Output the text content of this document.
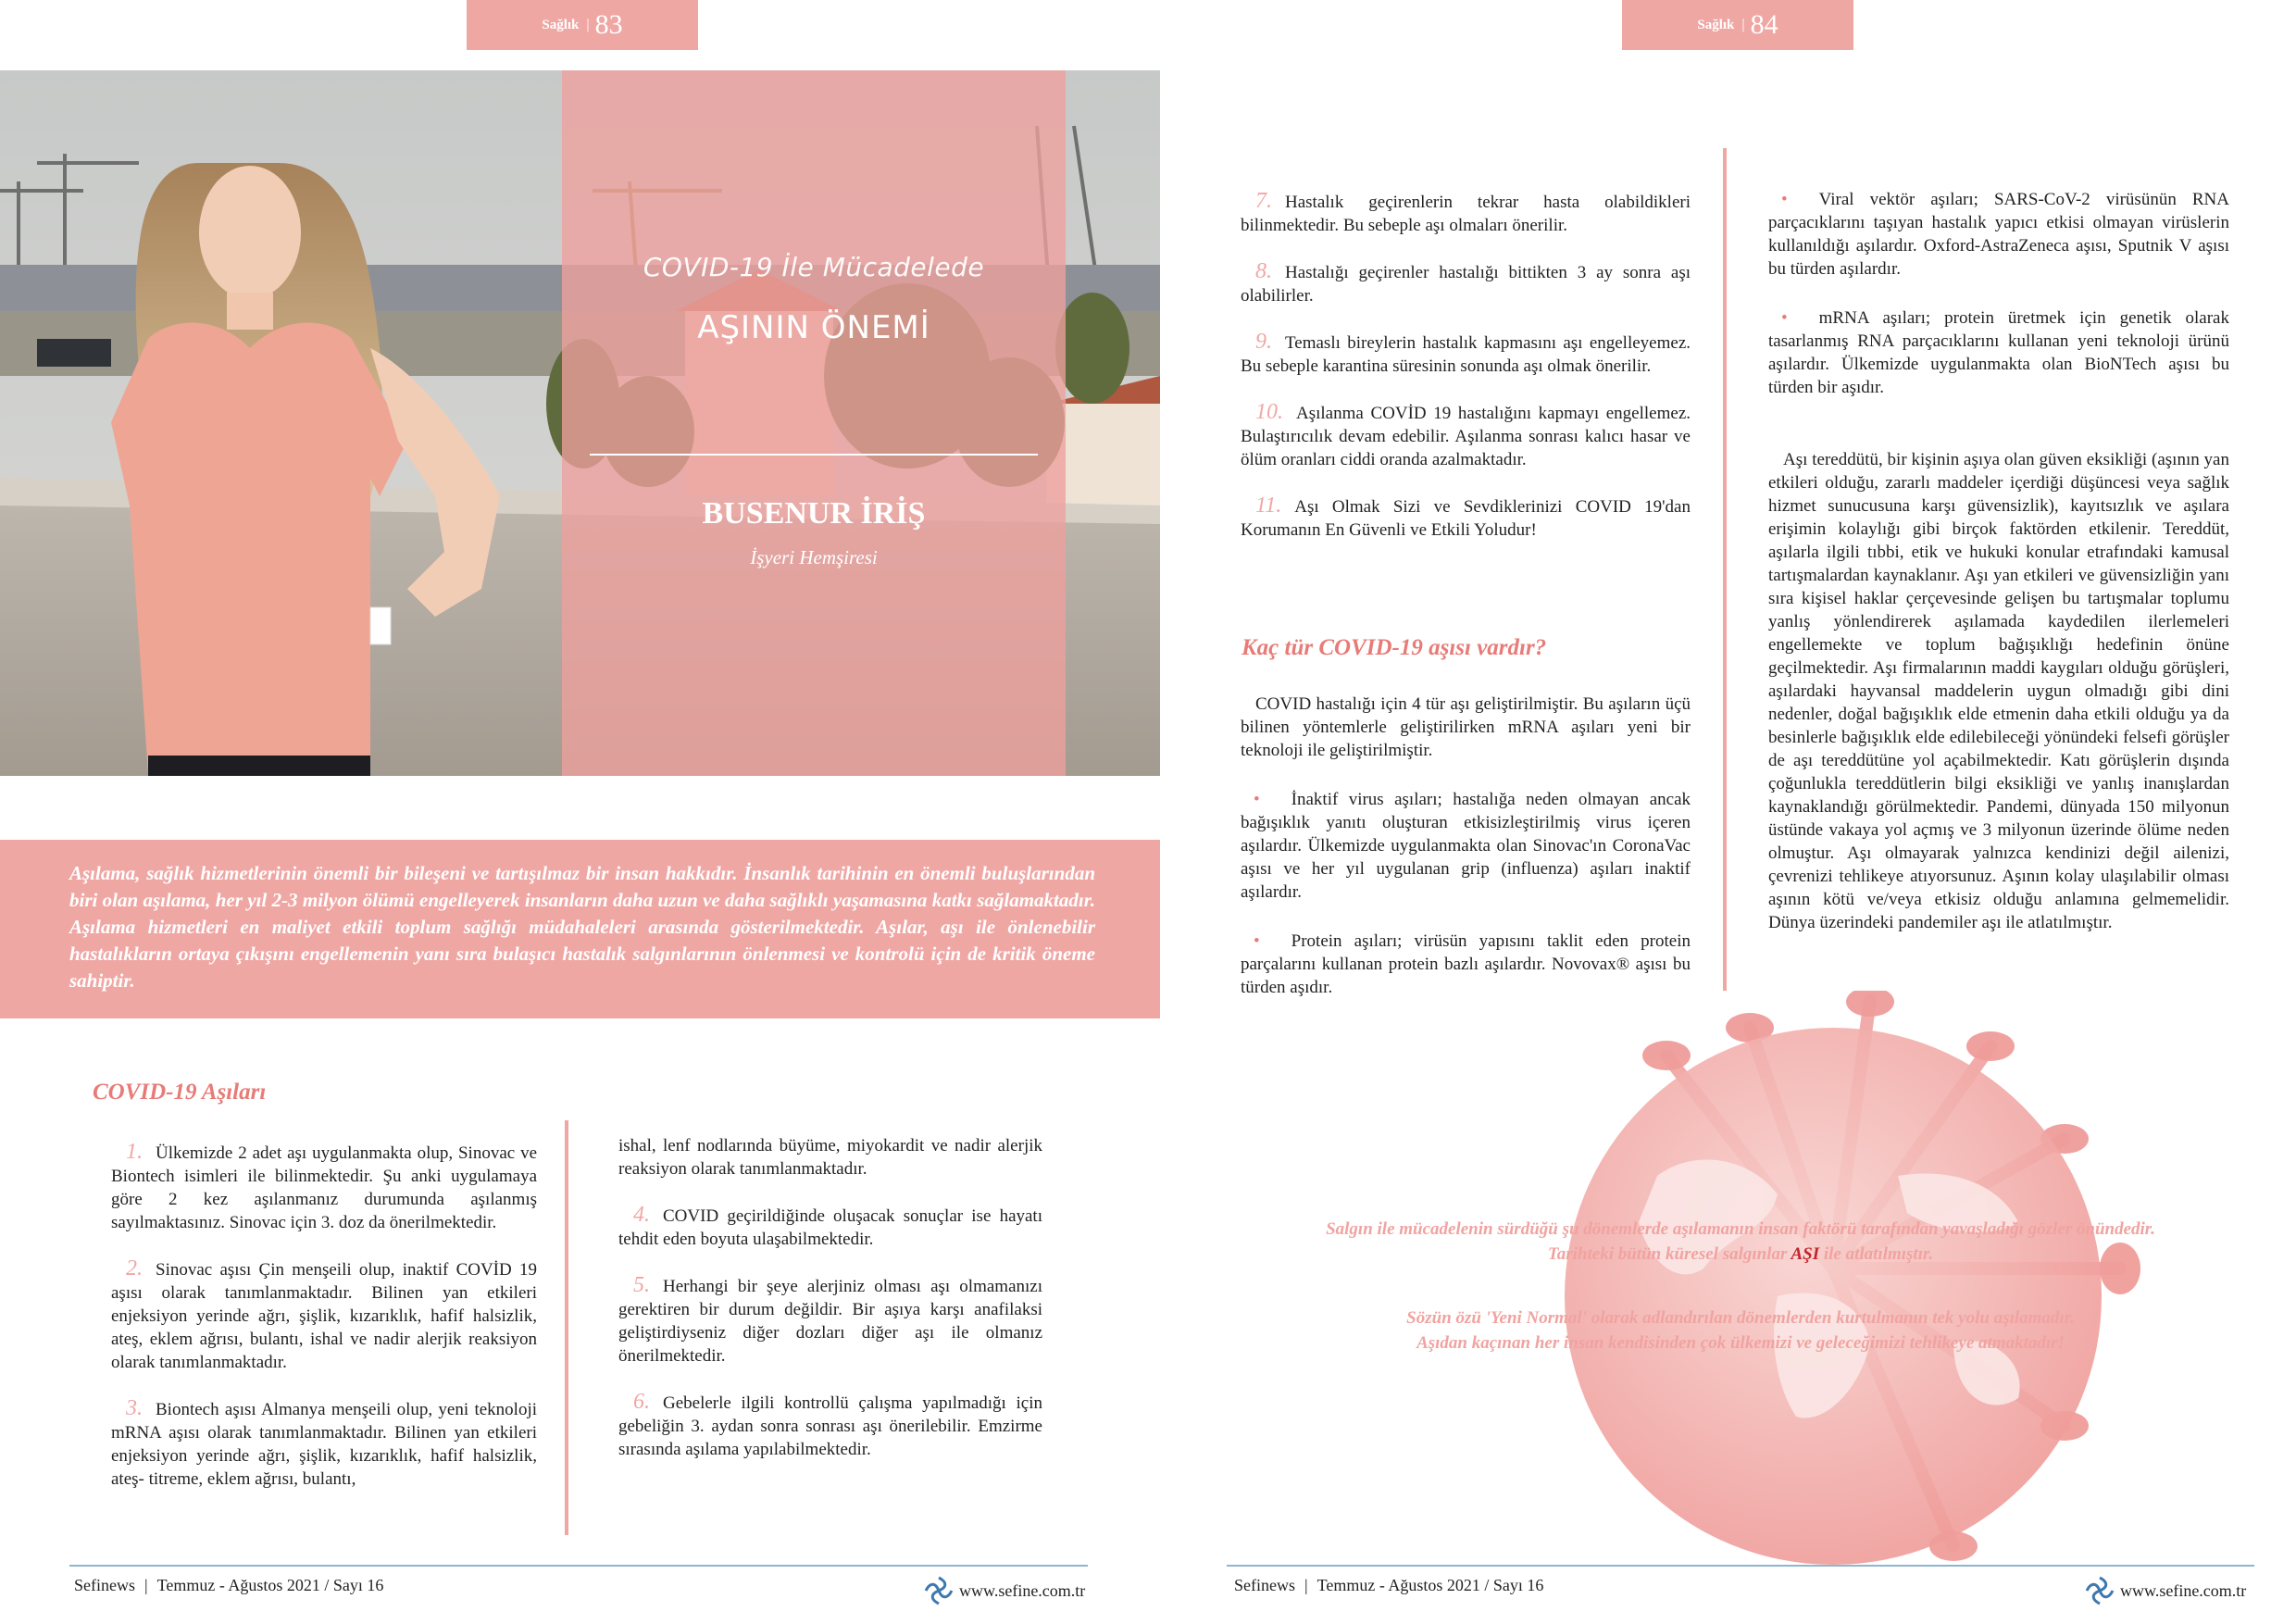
Sağlık | 83
COVID-19 İle Mücadelede
AŞININ ÖNEMİ
BUSENUR İRİŞ
İşyeri Hemşiresi

Aşılama, sağlık hizmetlerinin önemli bir bileşeni ve tartışılmaz bir insan hakkıdır. İnsanlık tarihinin en önemli buluşlarından biri olan aşılama, her yıl 2-3 milyon ölümü engelleyerek insanların daha uzun ve daha sağlıklı yaşamasına katkı sağlamaktadır. Aşılama hizmetleri en maliyet etkili toplum sağlığı müdahaleleri arasında gösterilmektedir. Aşılar, aşı ile önlenebilir hastalıkların ortaya çıkışını engellemenin yanı sıra bulaşıcı hastalık salgınlarının önlenmesi ve kontrolü için de kritik öneme sahiptir.

COVID-19 Aşıları

1. Ülkemizde 2 adet aşı uygulanmakta olup, Sinovac ve Biontech isimleri ile bilinmektedir. Şu anki uygulamaya göre 2 kez aşılanmanız durumunda aşılanmış sayılmaktasınız. Sinovac için 3. doz da önerilmektedir.

2. Sinovac aşısı Çin menşeili olup, inaktif COVİD 19 aşısı olarak tanımlanmaktadır. Bilinen yan etkileri enjeksiyon yerinde ağrı, şişlik, kızarıklık, hafif halsizlik, ateş, eklem ağrısı, bulantı, ishal ve nadir alerjik reaksiyon olarak tanımlanmaktadır.

3. Biontech aşısı Almanya menşeili olup, yeni teknoloji mRNA aşısı olarak tanımlanmaktadır. Bilinen yan etkileri enjeksiyon yerinde ağrı, şişlik, kızarıklık, hafif halsizlik, ateş- titreme, eklem ağrısı, bulantı,

ishal, lenf nodlarında büyüme, miyokardit ve nadir alerjik reaksiyon olarak tanımlanmaktadır.

4. COVID geçirildiğinde oluşacak sonuçlar ise hayatı tehdit eden boyuta ulaşabilmektedir.

5. Herhangi bir şeye alerjiniz olması aşı olmamanızı gerektiren bir durum değildir. Bir aşıya karşı anafilaksi geliştirdiyseniz diğer dozları diğer aşı ile olmanız önerilmektedir.

6. Gebelerle ilgili kontrollü çalışma yapılmadığı için gebeliğin 3. aydan sonra sonrası aşı önerilebilir. Emzirme sırasında aşılama yapılabilmektedir.

Sefinews | Temmuz - Ağustos 2021 / Sayı 16	www.sefine.com.tr
Sağlık | 84

7. Hastalık geçirenlerin tekrar hasta olabildikleri bilinmektedir. Bu sebeple aşı olmaları önerilir.

8. Hastalığı geçirenler hastalığı bittikten 3 ay sonra aşı olabilirler.

9. Temaslı bireylerin hastalık kapmasını aşı engelleyemez. Bu sebeple karantina süresinin sonunda aşı olmak önerilir.

10. Aşılanma COVİD 19 hastalığını kapmayı engellemez. Bulaştırıcılık devam edebilir. Aşılanma sonrası kalıcı hasar ve ölüm oranları ciddi oranda azalmaktadır.

11. Aşı Olmak Sizi ve Sevdiklerinizi COVID 19'dan Korumanın En Güvenli ve Etkili Yoludur!

Kaç tür COVID-19 aşısı vardır?

COVID hastalığı için 4 tür aşı geliştirilmiştir. Bu aşıların üçü bilinen yöntemlerle geliştirilirken mRNA aşıları yeni bir teknoloji ile geliştirilmiştir.

• İnaktif virus aşıları; hastalığa neden olmayan ancak bağışıklık yanıtı oluşturan etkisizleştirilmiş virus içeren aşılardır. Ülkemizde uygulanmakta olan Sinovac'ın CoronaVac aşısı ve her yıl uygulanan grip (influenza) aşıları inaktif aşılardır.

• Protein aşıları; virüsün yapısını taklit eden protein parçalarını kullanan protein bazlı aşılardır. Novovax® aşısı bu türden aşıdır.

• Viral vektör aşıları; SARS-CoV-2 virüsünün RNA parçacıklarını taşıyan hastalık yapıcı etkisi olmayan virüslerin kullanıldığı aşılardır. Oxford-AstraZeneca aşısı, Sputnik V aşısı bu türden aşılardır.

• mRNA aşıları; protein üretmek için genetik olarak tasarlanmış RNA parçacıklarını kullanan yeni teknoloji ürünü aşılardır. Ülkemizde uygulanmakta olan BioNTech aşısı bu türden bir aşıdır.

Aşı tereddütü, bir kişinin aşıya olan güven eksikliği (aşının yan etkileri olduğu, zararlı maddeler içerdiği düşüncesi veya sağlık hizmet sunucusuna karşı güvensizlik), kayıtsızlık ve aşılara erişimin kolaylığı gibi birçok faktörden etkilenir. Tereddüt, aşılarla ilgili tıbbi, etik ve hukuki konular etrafındaki kamusal tartışmalardan kaynaklanır. Aşı yan etkileri ve güvensizliğin yanı sıra kişisel haklar çerçevesinde gelişen bu tartışmalar toplumu yanlış yönlendirerek aşılamada kaydedilen ilerlemeleri engellemekte ve toplum bağışıklığı hedefinin önüne geçilmektedir. Aşı firmalarının maddi kaygıları olduğu görüşleri, aşılardaki hayvansal maddelerin uygun olmadığı gibi dini nedenler, doğal bağışıklık elde etmenin daha etkili olduğu ya da besinlerle bağışıklık elde edilebileceği yönündeki felsefi görüşler de aşı tereddütüne yol açabilmektedir. Katı görüşlerin dışında çoğunlukla tereddütlerin bilgi eksikliği ve yanlış inanışlardan kaynaklandığı görülmektedir. Pandemi, dünyada 150 milyonun üstünde vakaya yol açmış ve 3 milyonun üzerinde ölüme neden olmuştur. Aşı olmayarak yalnızca kendinizi değil ailenizi, çevrenizi tehlikeye atıyorsunuz. Aşının kolay ulaşılabilir olması aşının kötü ve/veya etkisiz olduğu anlamına gelmemelidir. Dünya üzerindeki pandemiler aşı ile atlatılmıştır.

Salgın ile mücadelenin sürdüğü şu dönemlerde aşılamanın insan faktörü tarafından yavaşladığı gözler önündedir.
Tarihteki bütün küresel salgınlar AŞI ile atlatılmıştır.
Sözün özü 'Yeni Normal' olarak adlandırılan dönemlerden kurtulmanın tek yolu aşılamadır.
Aşıdan kaçınan her insan kendisinden çok ülkemizi ve geleceğimizi tehlikeye atmaktadır!
Sefinews | Temmuz - Ağustos 2021 / Sayı 16	www.sefine.com.tr
